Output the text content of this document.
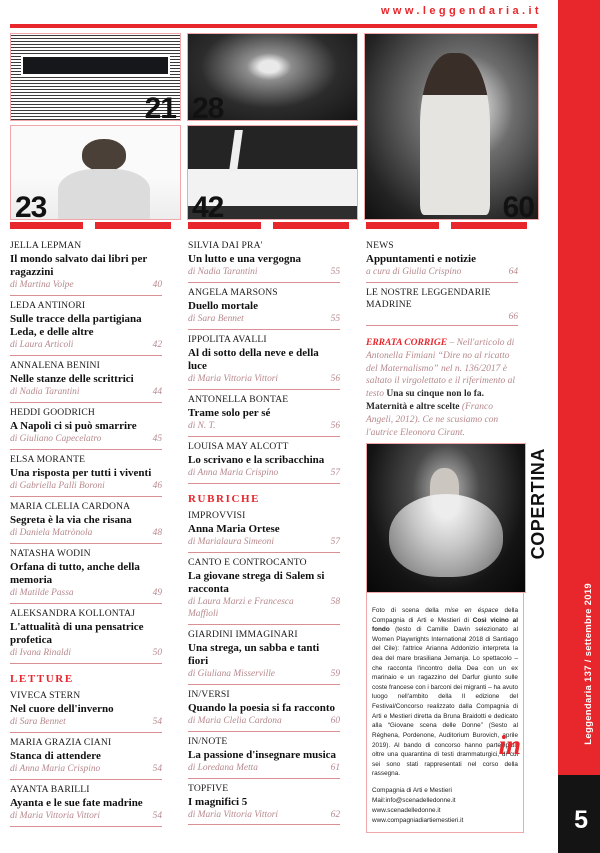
www.leggendaria.it
21 28
23	42	60
JELLA LEPMAN
Il mondo salvato dai libri per ragazzini
di Martina Volpe	40
LEDA ANTINORI
Sulle tracce della partigiana Leda, e delle altre
di Laura Articoli	42
ANNALENA BENINI
Nelle stanze delle scrittrici
di Nadia Tarantini	44
HEDDI GOODRICH
A Napoli ci si può smarrire
di Giuliano Capecelatro	45
ELSA MORANTE
Una risposta per tutti i viventi
di Gabriella Palli Boroni	46
MARIA CLELIA CARDONA
Segreta è la via che risana
di Daniela Matrònola	48
NATASHA WODIN
Orfana di tutto, anche della memoria
di Matilde Passa	49
ALEKSANDRA KOLLONTAJ
L'attualità di una pensatrice profetica
di Ivana Rinaldi	50
LETTURE
VIVECA STERN
Nel cuore dell'inverno
di Sara Bennet	54
MARIA GRAZIA CIANI
Stanca di attendere
di Anna Maria Crispino	54
AYANTA BARILLI
Ayanta e le sue fate madrine
di Maria Vittoria Vittori	54
SILVIA DAI PRA'
Un lutto e una vergogna
di Nadia Tarantini	55
ANGELA MARSONS
Duello mortale
di Sara Bennet	55
IPPOLITA AVALLI
Al di sotto della neve e della luce
di Maria Vittoria Vittori	56
ANTONELLA BONTAE
Trame solo per sé
di N. T.	56
LOUISA MAY ALCOTT
Lo scrivano e la scribacchina
di Anna Maria Crispino	57
RUBRICHE
IMPROVVISI
Anna Maria Ortese
di Marialaura Simeoni	57
CANTO E CONTROCANTO
La giovane strega di Salem si racconta
di Laura Marzi e Francesca Maffioli
58
GIARDINI IMMAGINARI
Una strega, un sabba e tanti fiori
di Giuliana Misserville	59
IN/VERSI
Quando la poesia si fa racconto
di Maria Clelia Cardona	60
IN/NOTE
La passione d'insegnare musica
di Loredana Metta	61
TOPFIVE
I magnifici 5
di Maria Vittoria Vittori	62
NEWS
Appuntamenti e notizie
a cura di Giulia Crispino	64
LE NOSTRE LEGGENDARIE MADRINE
66
ERRATA CORRIGE – Nell'articolo di Antonella Fimiani “Dire no al ricatto del Maternalismo” nel n. 136/2017 è saltato il virgolettato e il riferimento al testo Una su cinque non lo fa. Maternità e altre scelte (Franco Angeli, 2012). Ce ne scusiamo con l'autrice Eleonora Cirant.
COPERTINA
in
Foto di scena della mise en éspace della Compagnia di Arti e Mestieri di Così vicino al fondo (testo di Camille Davin selezionato al Women Playwrights International 2018 di Santiago del Cile): l'attrice Arianna Addonizio interpreta la dea del mare brasiliana Jemanja. Lo spettacolo – che racconta l'incontro della Dea con un ex marinaio e un ragazzino del Darfur giunto sulle coste francese con i barconi dei migranti – ha avuto luogo nell'ambito della II edizione del Festival/Concorso realizzato dalla Compagnia di Arti e Mestieri diretta da Bruna Braidotti e dedicato alla “Giovane scena delle Donne” (Sesto al Réghena, Pordenone, Auditorium Burovich, aprile 2019). Al bando di concorso hanno partecipato oltre una quarantina di testi drammaturgici, di cui sei sono stati rappresentati nel corso della rassegna.
Compagnia di Arti e Mestieri
Mail:info@scenadelledonne.it
www.scenadelledonne.it
www.compagniadiartiemestieri.it
Leggendaria 137 / settembre 2019
5
